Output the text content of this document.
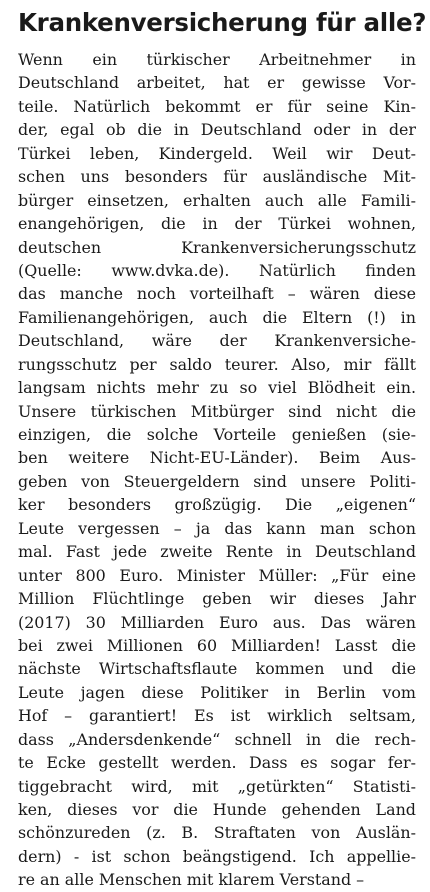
Krankenversicherung für alle?
Wenn ein türkischer Arbeitnehmer in
Deutschland arbeitet, hat er gewisse Vor-
teile. Natürlich bekommt er für seine Kin-
der, egal ob die in Deutschland oder in der
Türkei leben, Kindergeld. Weil wir Deut-
schen uns besonders für ausländische Mit-
bürger einsetzen, erhalten auch alle Famili-
enangehörigen, die in der Türkei wohnen,
deutschen Krankenversicherungsschutz
(Quelle: www.dvka.de). Natürlich finden
das manche noch vorteilhaft – wären diese
Familienangehörigen, auch die Eltern (!) in
Deutschland, wäre der Krankenversiche-
rungsschutz per saldo teurer. Also, mir fällt
langsam nichts mehr zu so viel Blödheit ein.
Unsere türkischen Mitbürger sind nicht die
einzigen, die solche Vorteile genießen (sie-
ben weitere Nicht-EU-Länder). Beim Aus-
geben von Steuergeldern sind unsere Politi-
ker besonders großzügig. Die „eigenen“
Leute vergessen – ja das kann man schon
mal. Fast jede zweite Rente in Deutschland
unter 800 Euro. Minister Müller: „Für eine
Million Flüchtlinge geben wir dieses Jahr
(2017) 30 Milliarden Euro aus. Das wären
bei zwei Millionen 60 Milliarden! Lasst die
nächste Wirtschaftsflaute kommen und die
Leute jagen diese Politiker in Berlin vom
Hof – garantiert! Es ist wirklich seltsam,
dass „Andersdenkende“ schnell in die rech-
te Ecke gestellt werden. Dass es sogar fer-
tiggebracht wird, mit „getürkten“ Statisti-
ken, dieses vor die Hunde gehenden Land
schönzureden (z. B. Straftaten von Auslän-
dern) - ist schon beängstigend. Ich appellie-
re an alle Menschen mit klarem Verstand –
